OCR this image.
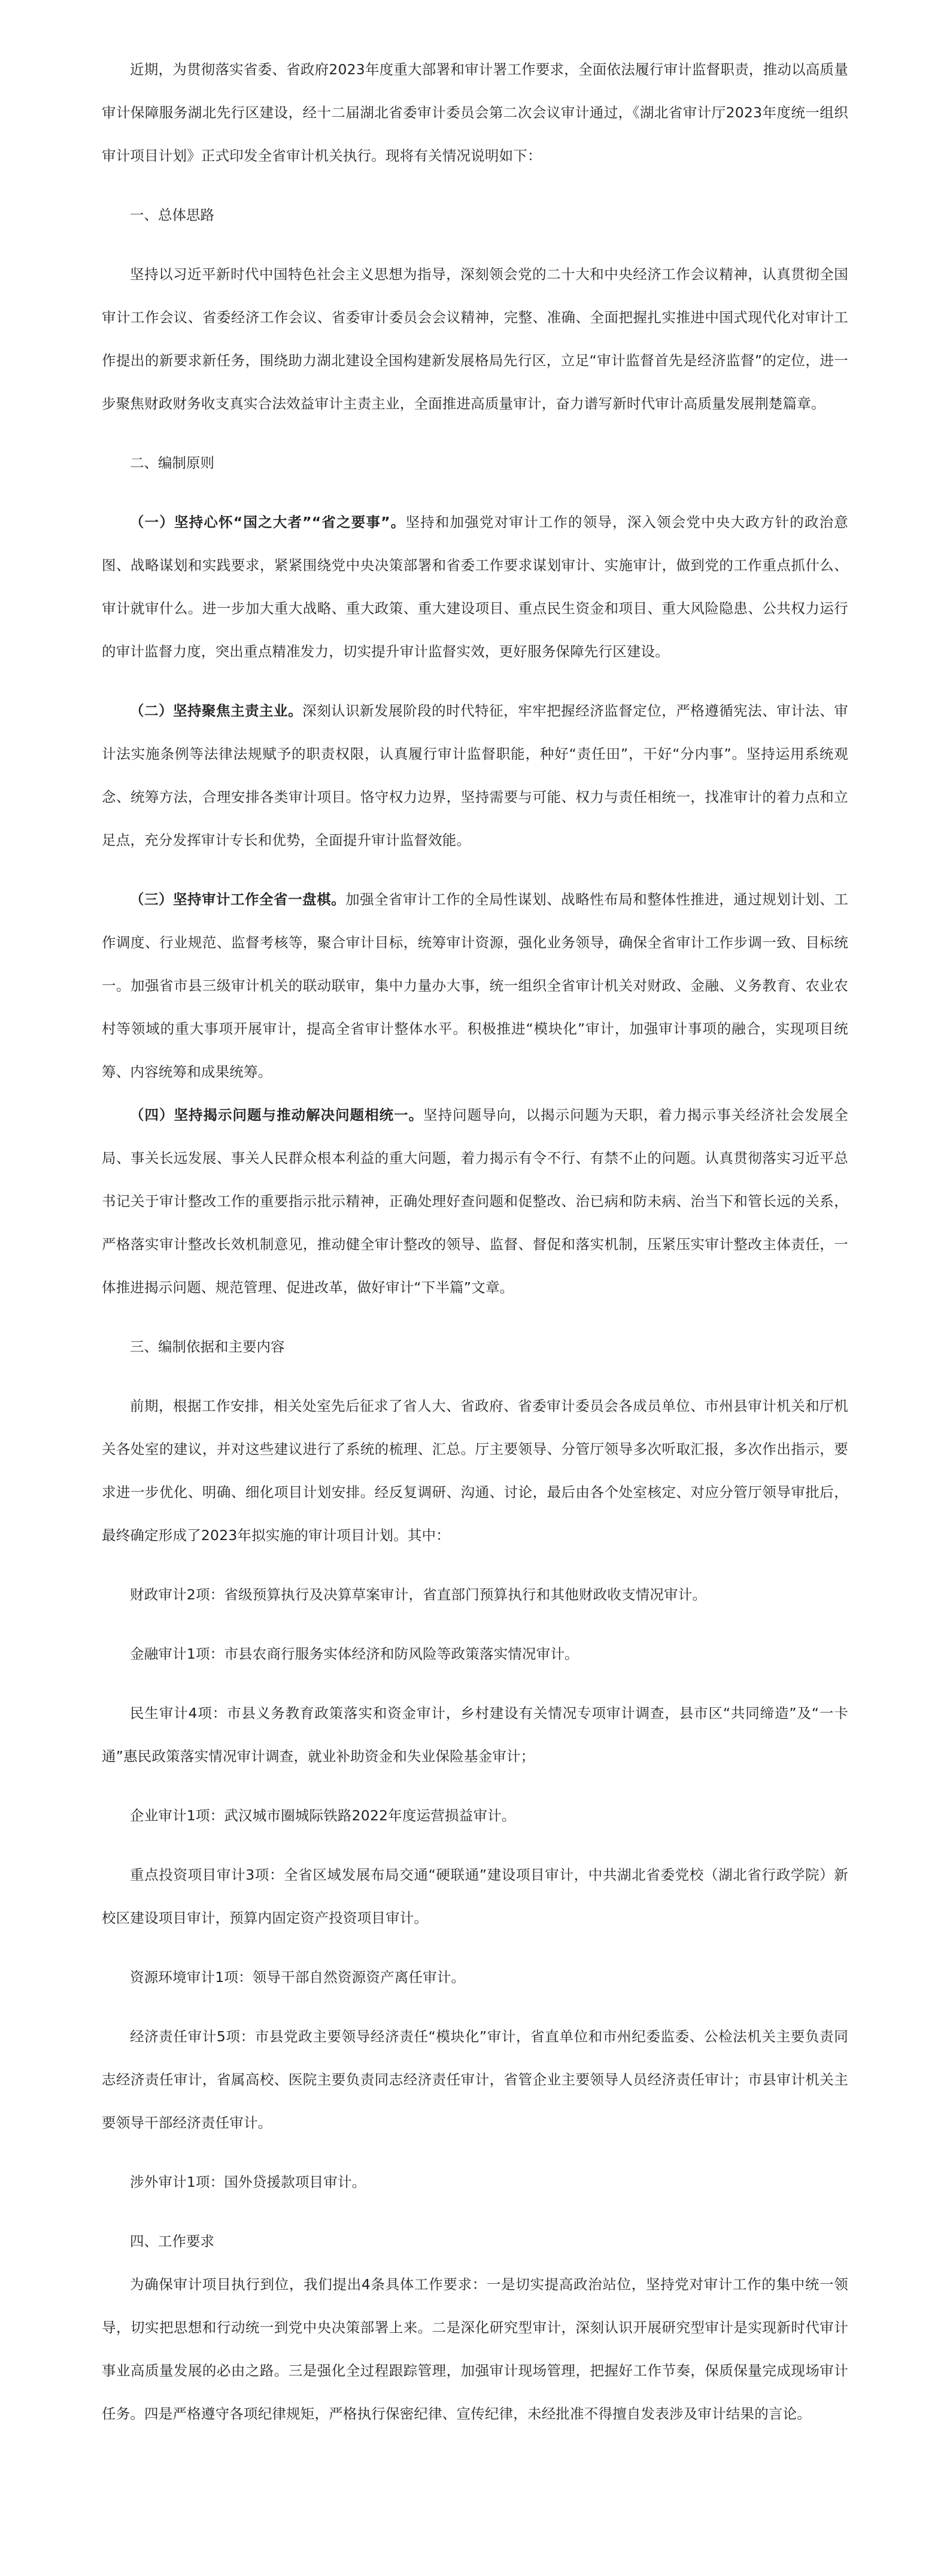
近期，为贯彻落实省委、省政府2023年度重大部署和审计署工作要求，全面依法履行审计监督职责，推动以高质量审计保障服务湖北先行区建设，经十二届湖北省委审计委员会第二次会议审计通过，《湖北省审计厅2023年度统一组织审计项目计划》正式印发全省审计机关执行。现将有关情况说明如下：

一、总体思路

坚持以习近平新时代中国特色社会主义思想为指导，深刻领会党的二十大和中央经济工作会议精神，认真贯彻全国审计工作会议、省委经济工作会议、省委审计委员会会议精神，完整、准确、全面把握扎实推进中国式现代化对审计工作提出的新要求新任务，围绕助力湖北建设全国构建新发展格局先行区，立足“审计监督首先是经济监督”的定位，进一步聚焦财政财务收支真实合法效益审计主责主业，全面推进高质量审计，奋力谱写新时代审计高质量发展荆楚篇章。

二、编制原则

（一）坚持心怀“国之大者”“省之要事”。坚持和加强党对审计工作的领导，深入领会党中央大政方针的政治意图、战略谋划和实践要求，紧紧围绕党中央决策部署和省委工作要求谋划审计、实施审计，做到党的工作重点抓什么、审计就审什么。进一步加大重大战略、重大政策、重大建设项目、重点民生资金和项目、重大风险隐患、公共权力运行的审计监督力度，突出重点精准发力，切实提升审计监督实效，更好服务保障先行区建设。

（二）坚持聚焦主责主业。深刻认识新发展阶段的时代特征，牢牢把握经济监督定位，严格遵循宪法、审计法、审计法实施条例等法律法规赋予的职责权限，认真履行审计监督职能，种好“责任田”，干好“分内事”。坚持运用系统观念、统筹方法，合理安排各类审计项目。恪守权力边界，坚持需要与可能、权力与责任相统一，找准审计的着力点和立足点，充分发挥审计专长和优势，全面提升审计监督效能。

（三）坚持审计工作全省一盘棋。加强全省审计工作的全局性谋划、战略性布局和整体性推进，通过规划计划、工作调度、行业规范、监督考核等，聚合审计目标，统筹审计资源，强化业务领导，确保全省审计工作步调一致、目标统一。加强省市县三级审计机关的联动联审，集中力量办大事，统一组织全省审计机关对财政、金融、义务教育、农业农村等领域的重大事项开展审计，提高全省审计整体水平。积极推进“模块化”审计，加强审计事项的融合，实现项目统筹、内容统筹和成果统筹。

（四）坚持揭示问题与推动解决问题相统一。坚持问题导向，以揭示问题为天职，着力揭示事关经济社会发展全局、事关长远发展、事关人民群众根本利益的重大问题，着力揭示有令不行、有禁不止的问题。认真贯彻落实习近平总书记关于审计整改工作的重要指示批示精神，正确处理好查问题和促整改、治已病和防未病、治当下和管长远的关系，严格落实审计整改长效机制意见，推动健全审计整改的领导、监督、督促和落实机制，压紧压实审计整改主体责任，一体推进揭示问题、规范管理、促进改革，做好审计“下半篇”文章。

三、编制依据和主要内容

前期，根据工作安排，相关处室先后征求了省人大、省政府、省委审计委员会各成员单位、市州县审计机关和厅机关各处室的建议，并对这些建议进行了系统的梳理、汇总。厅主要领导、分管厅领导多次听取汇报，多次作出指示，要求进一步优化、明确、细化项目计划安排。经反复调研、沟通、讨论，最后由各个处室核定、对应分管厅领导审批后，最终确定形成了2023年拟实施的审计项目计划。其中：

财政审计2项：省级预算执行及决算草案审计，省直部门预算执行和其他财政收支情况审计。

金融审计1项：市县农商行服务实体经济和防风险等政策落实情况审计。

民生审计4项：市县义务教育政策落实和资金审计，乡村建设有关情况专项审计调查，县市区“共同缔造”及“一卡通”惠民政策落实情况审计调查，就业补助资金和失业保险基金审计；

企业审计1项：武汉城市圈城际铁路2022年度运营损益审计。

重点投资项目审计3项：全省区域发展布局交通“硬联通”建设项目审计，中共湖北省委党校（湖北省行政学院）新校区建设项目审计，预算内固定资产投资项目审计。

资源环境审计1项：领导干部自然资源资产离任审计。

经济责任审计5项：市县党政主要领导经济责任“模块化”审计，省直单位和市州纪委监委、公检法机关主要负责同志经济责任审计，省属高校、医院主要负责同志经济责任审计，省管企业主要领导人员经济责任审计；市县审计机关主要领导干部经济责任审计。

涉外审计1项：国外贷援款项目审计。

四、工作要求

为确保审计项目执行到位，我们提出4条具体工作要求：一是切实提高政治站位，坚持党对审计工作的集中统一领导，切实把思想和行动统一到党中央决策部署上来。二是深化研究型审计，深刻认识开展研究型审计是实现新时代审计事业高质量发展的必由之路。三是强化全过程跟踪管理，加强审计现场管理，把握好工作节奏，保质保量完成现场审计任务。四是严格遵守各项纪律规矩，严格执行保密纪律、宣传纪律，未经批准不得擅自发表涉及审计结果的言论。
